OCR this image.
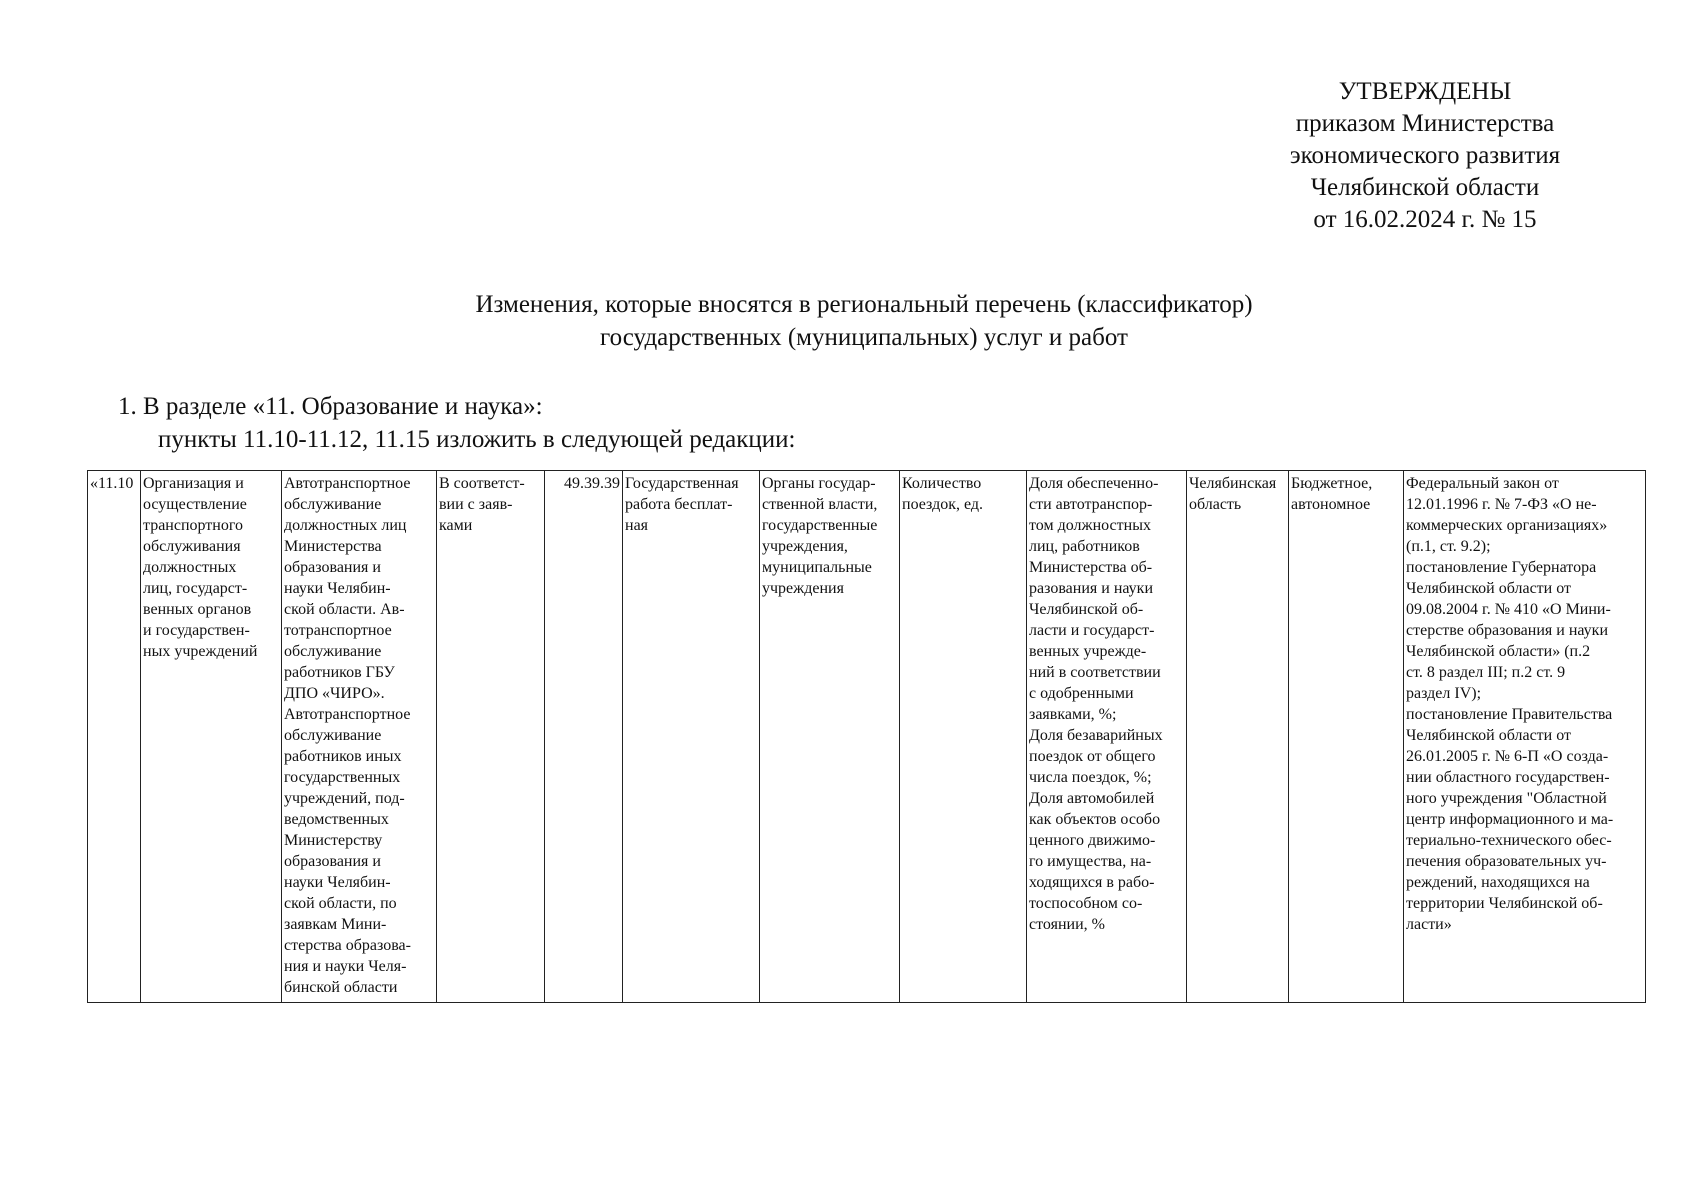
УТВЕРЖДЕНЫ
приказом Министерства
экономического развития
Челябинской области
от 16.02.2024 г. № 15
Изменения, которые вносятся в региональный перечень (классификатор)
государственных (муниципальных) услуг и работ
1. В разделе «11. Образование и наука»:
пункты 11.10-11.12, 11.15 изложить в следующей редакции:
«11.10	Организация и
осуществление
транспортного
обслуживания
должностных
лиц, государст-
венных органов
и государствен-
ных учреждений	Автотранспортное
обслуживание
должностных лиц
Министерства
образования и
науки Челябин-
ской области. Ав-
тотранспортное
обслуживание
работников ГБУ
ДПО «ЧИРО».
Автотранспортное
обслуживание
работников иных
государственных
учреждений, под-
ведомственных
Министерству
образования и
науки Челябин-
ской области, по
заявкам Мини-
стерства образова-
ния и науки Челя-
бинской области	В соответст-
вии с заяв-
ками	49.39.39	Государственная
работа бесплат-
ная	Органы государ-
ственной власти,
государственные
учреждения,
муниципальные
учреждения	Количество
поездок, ед.	Доля обеспеченно-
сти автотранспор-
том должностных
лиц, работников
Министерства об-
разования и науки
Челябинской об-
ласти и государст-
венных учрежде-
ний в соответствии
с одобренными
заявками, %;
Доля безаварийных
поездок от общего
числа поездок, %;
Доля автомобилей
как объектов особо
ценного движимо-
го имущества, на-
ходящихся в рабо-
тоспособном со-
стоянии, %	Челябинская
область	Бюджетное,
автономное	Федеральный закон от
12.01.1996 г. № 7-ФЗ «О не-
коммерческих организациях»
(п.1, ст. 9.2);
постановление Губернатора
Челябинской области от
09.08.2004 г. № 410 «О Мини-
стерстве образования и науки
Челябинской области» (п.2
ст. 8 раздел III; п.2 ст. 9
раздел IV);
постановление Правительства
Челябинской области от
26.01.2005 г. № 6-П «О созда-
нии областного государствен-
ного учреждения "Областной
центр информационного и ма-
териально-технического обес-
печения образовательных уч-
реждений, находящихся на
территории Челябинской об-
ласти»
